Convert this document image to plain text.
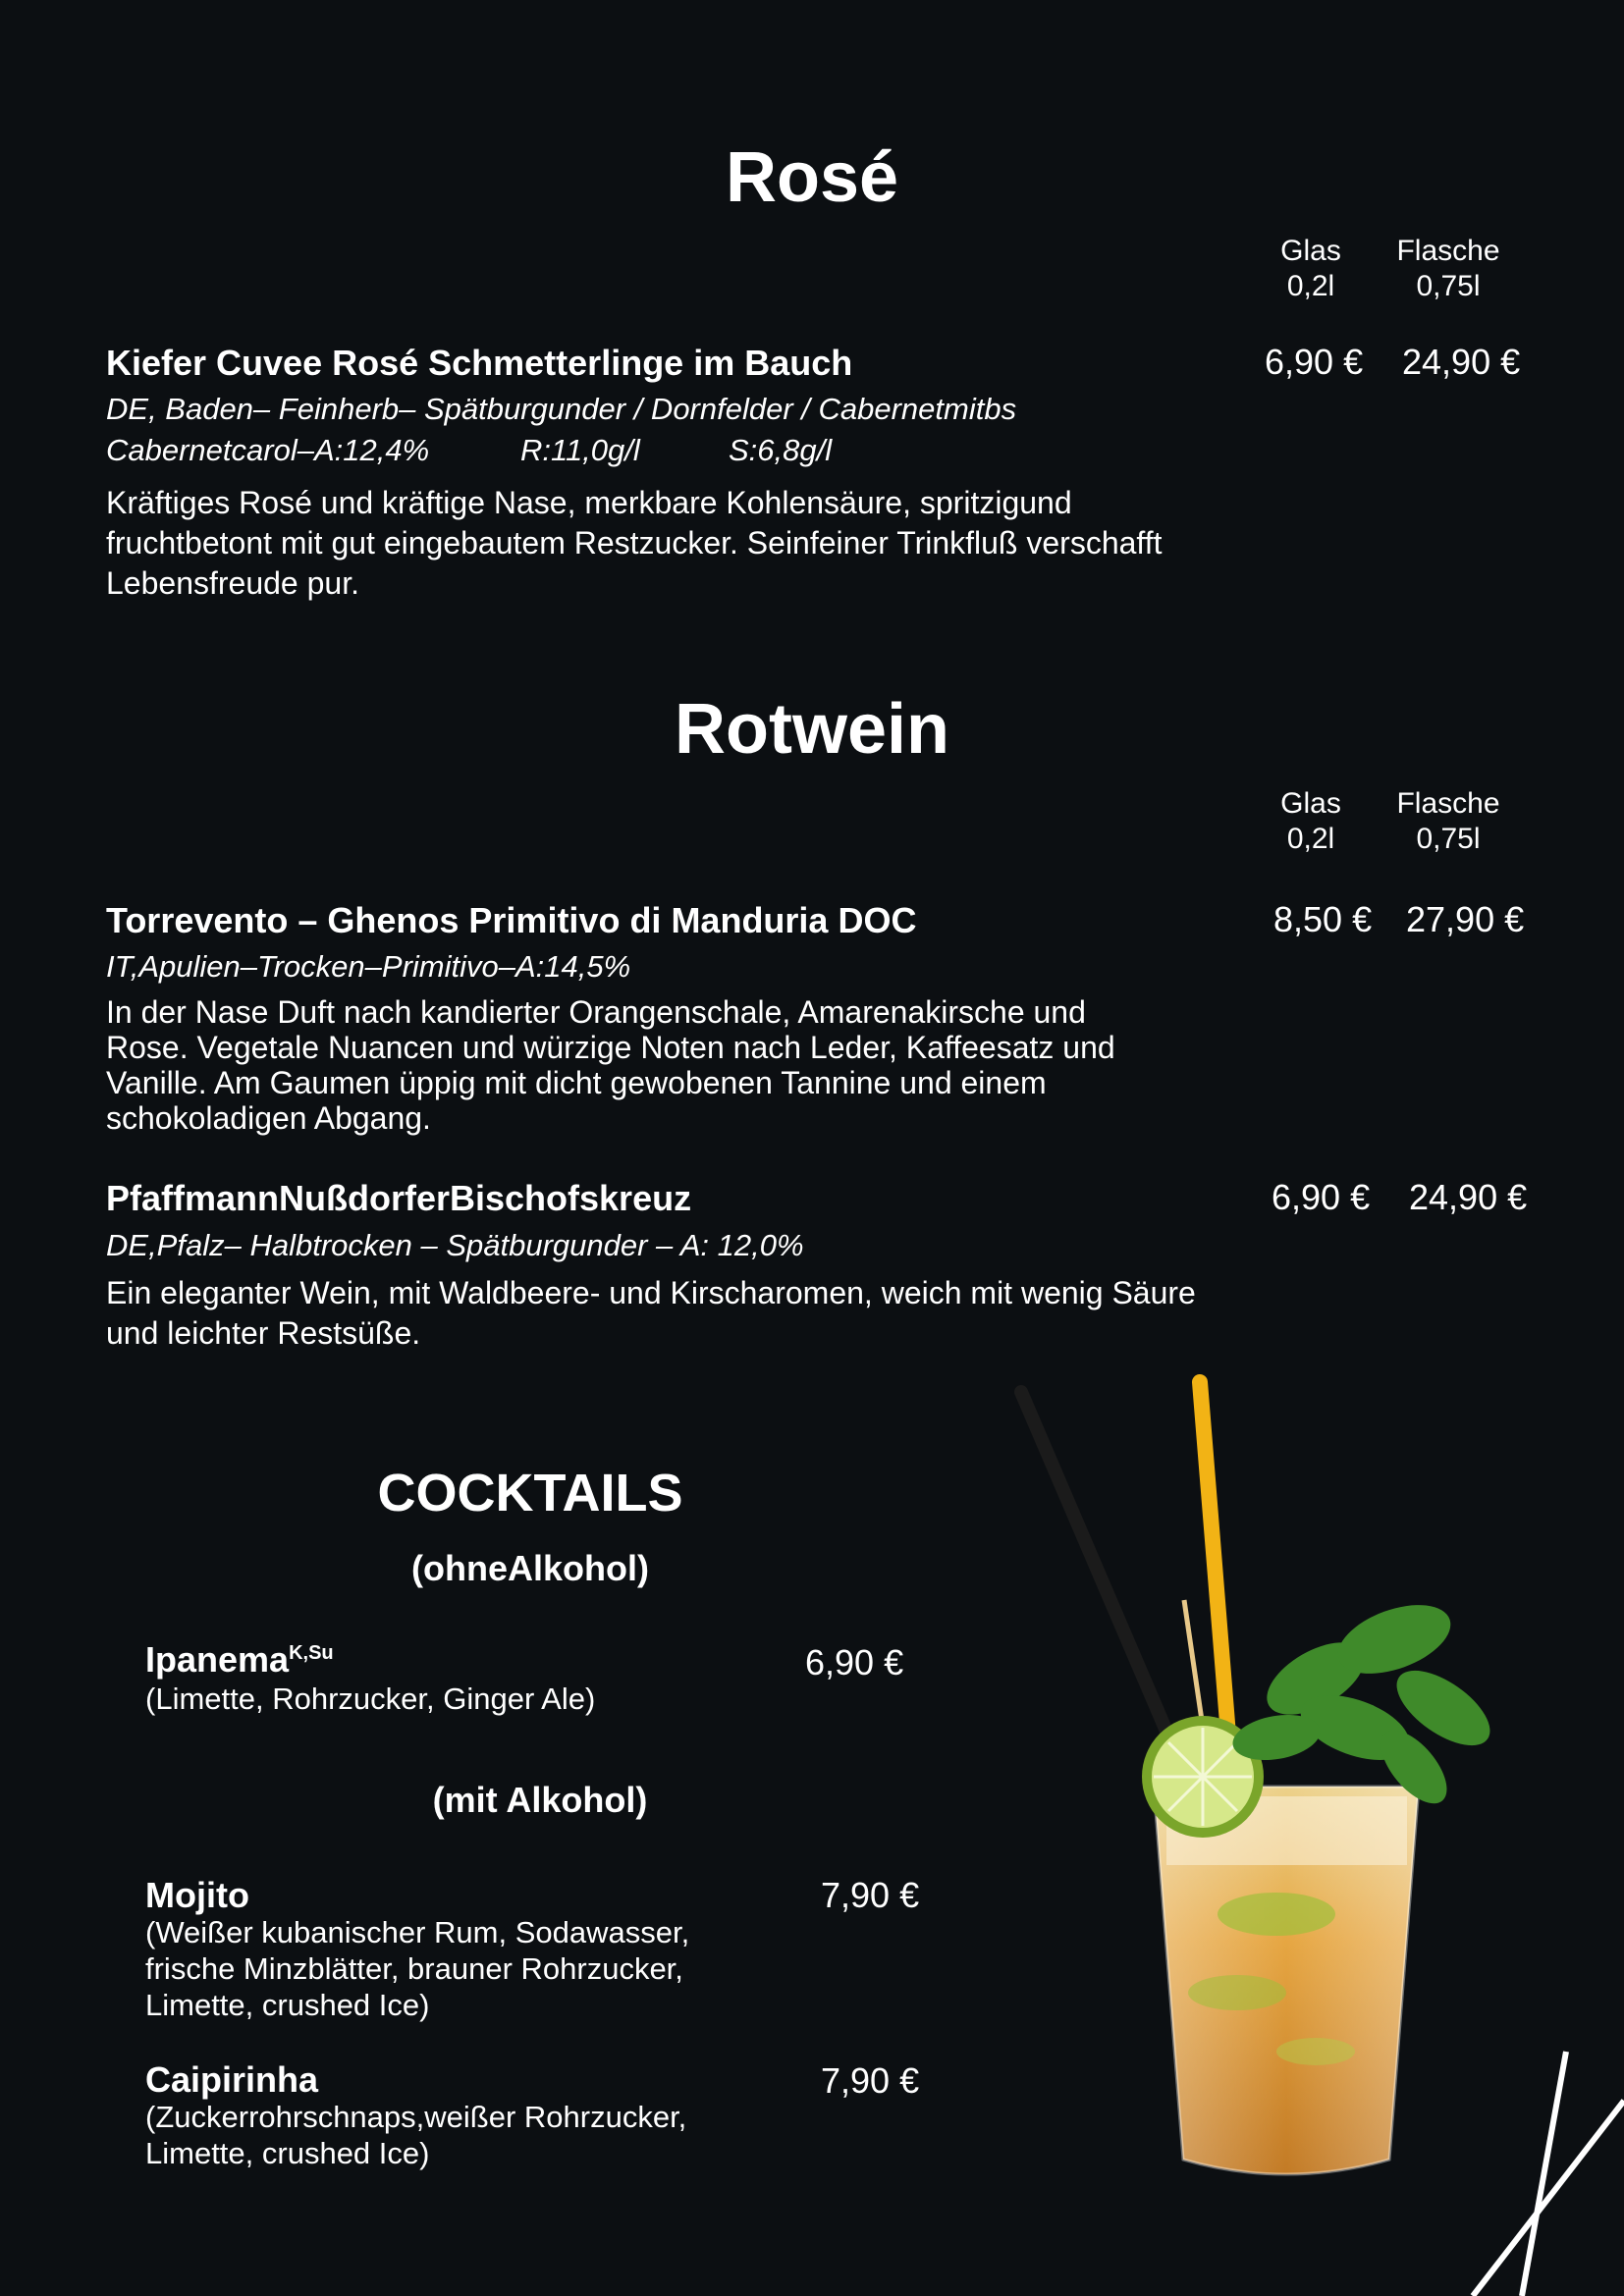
Rosé
Glas
0,2l
Flasche
0,75l
Kiefer Cuvee Rosé Schmetterlinge im Bauch	6,90 € 24,90 €
DE, Baden– Feinherb– Spätburgunder / Dornfelder / Cabernetmitbs
Cabernetcarol–A:12,4%	R:11,0g/l	S:6,8g/l
Kräftiges Rosé und kräftige Nase, merkbare Kohlensäure, spritzigund fruchtbetont mit gut eingebautem Restzucker. Seinfeiner Trinkfluß verschafft Lebensfreude pur.
Rotwein
Glas
0,2l
Flasche
0,75l
Torrevento – Ghenos Primitivo di Manduria DOC	8,50 € 27,90 €
IT,Apulien–Trocken–Primitivo–A:14,5%
In der Nase Duft nach kandierter Orangenschale, Amarenakirsche und Rose. Vegetale Nuancen und würzige Noten nach Leder, Kaffeesatz und Vanille. Am Gaumen üppig mit dicht gewobenen Tannine und einem schokoladigen Abgang.
PfaffmannNußdorferBischofskreuz	6,90 € 24,90 €
DE,Pfalz– Halbtrocken – Spätburgunder – A: 12,0%
Ein eleganter Wein, mit Waldbeere- und Kirscharomen, weich mit wenig Säure und leichter Restsüße.
COCKTAILS
(ohneAlkohol)
Ipanema$^{K,Su}$	6,90 €
(Limette, Rohrzucker, Ginger Ale)
(mit Alkohol)
Mojito	7,90 €
(Weißer kubanischer Rum, Sodawasser, frische Minzblätter, brauner Rohrzucker, Limette, crushed Ice)
Caipirinha	7,90 €
(Zuckerrohrschnaps,weißer Rohrzucker, Limette, crushed Ice)
